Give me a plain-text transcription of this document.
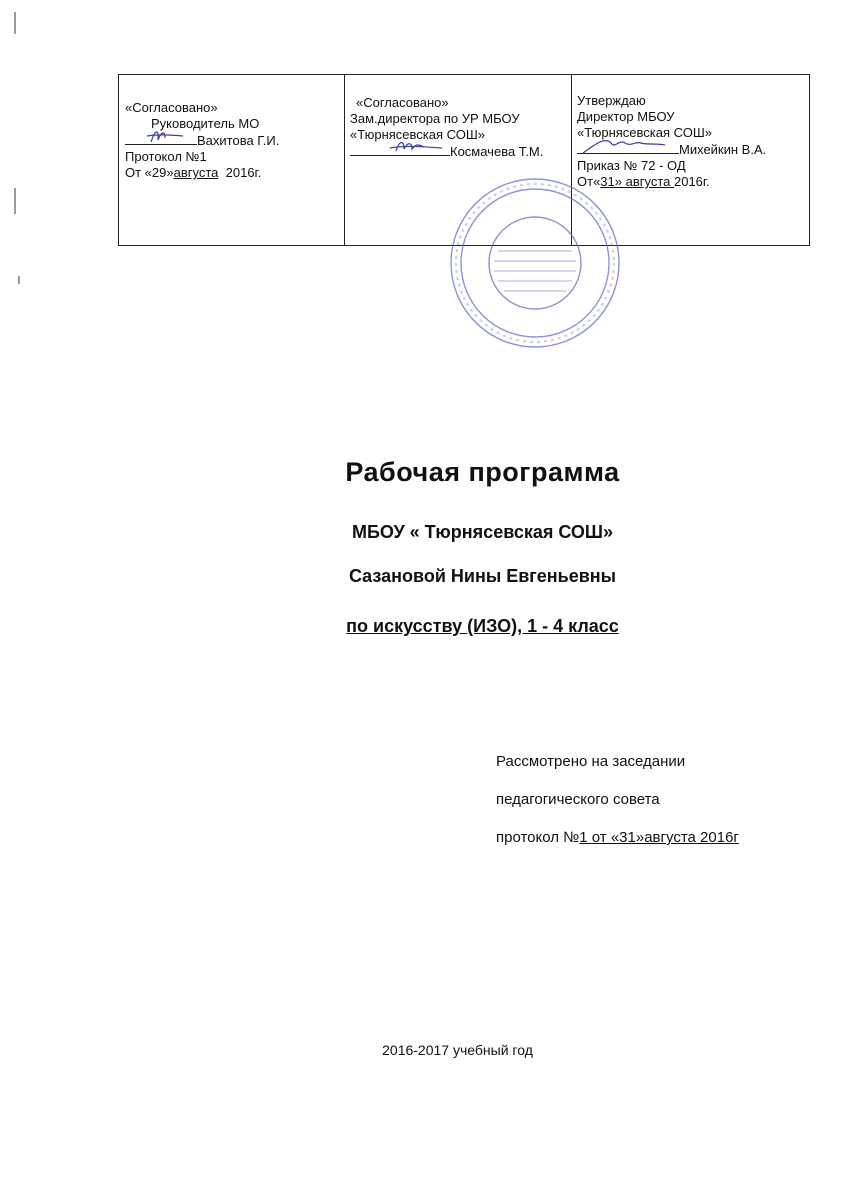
«Согласовано»
Руководитель МО
Вахитова Г.И.
Протокол №1
От «29»августа 2016г.
«Согласовано»
Зам.директора по УР МБОУ
«Тюрнясевская СОШ»
Космачева Т.М.
Утверждаю
Директор МБОУ
«Тюрнясевская СОШ»
Михейкин В.А.
Приказ № 72 - ОД
От«31» августа 2016г.
Рабочая программа
МБОУ « Тюрнясевская СОШ»
Сазановой Нины Евгеньевны
по искусству (ИЗО), 1 - 4 класс
Рассмотрено на заседании
педагогического совета
протокол №1 от «31»августа 2016г
2016-2017 учебный год
